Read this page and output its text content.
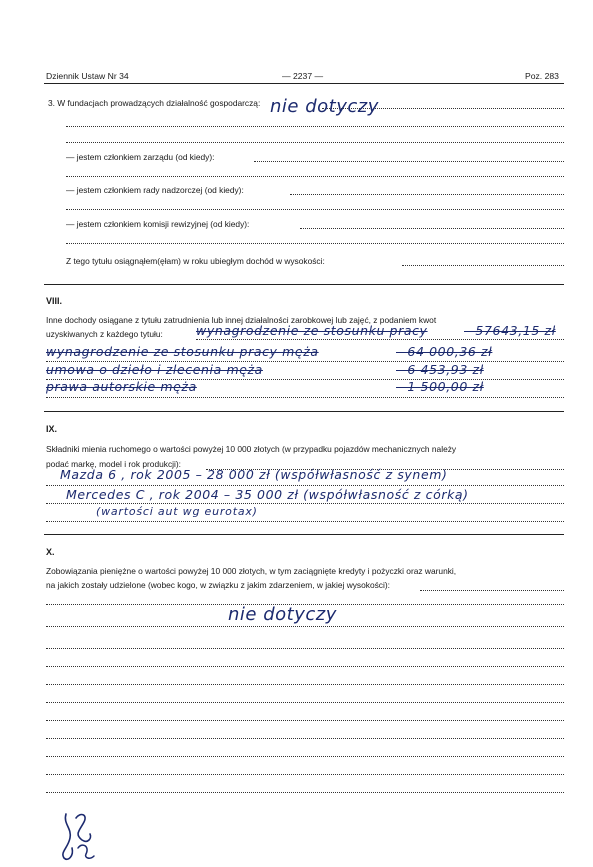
Dziennik Ustaw Nr 34	— 2237 —	Poz. 283
3. W fundacjach prowadzących działalność gospodarczą: nie dotyczy
— jestem członkiem zarządu (od kiedy):
— jestem członkiem rady nadzorczej (od kiedy):
— jestem członkiem komisji rewizyjnej (od kiedy):
Z tego tytułu osiągnąłem(ęłam) w roku ubiegłym dochód w wysokości:
VIII.
Inne dochody osiągane z tytułu zatrudnienia lub innej działalności zarobkowej lub zajęć, z podaniem kwot
uzyskiwanych z każdego tytułu:	wynagrodzenie ze stosunku pracy	– 57643,15 zł
wynagrodzenie ze stosunku pracy męża	– 64 000,36 zł
umowa o dzieło i zlecenia męża	– 6 453,93 zł
prawa autorskie męża	– 1 500,00 zł
IX.
Składniki mienia ruchomego o wartości powyżej 10 000 złotych (w przypadku pojazdów mechanicznych należy
podać markę, model i rok produkcji):
Mazda 6 , rok 2005 – 28 000 zł (współwłasność z synem)
Mercedes C , rok 2004 – 35 000 zł (współwłasność z córką)
(wartości aut wg eurotax)
X.
Zobowiązania pieniężne o wartości powyżej 10 000 złotych, w tym zaciągnięte kredyty i pożyczki oraz warunki,
na jakich zostały udzielone (wobec kogo, w związku z jakim zdarzeniem, w jakiej wysokości):
nie dotyczy
